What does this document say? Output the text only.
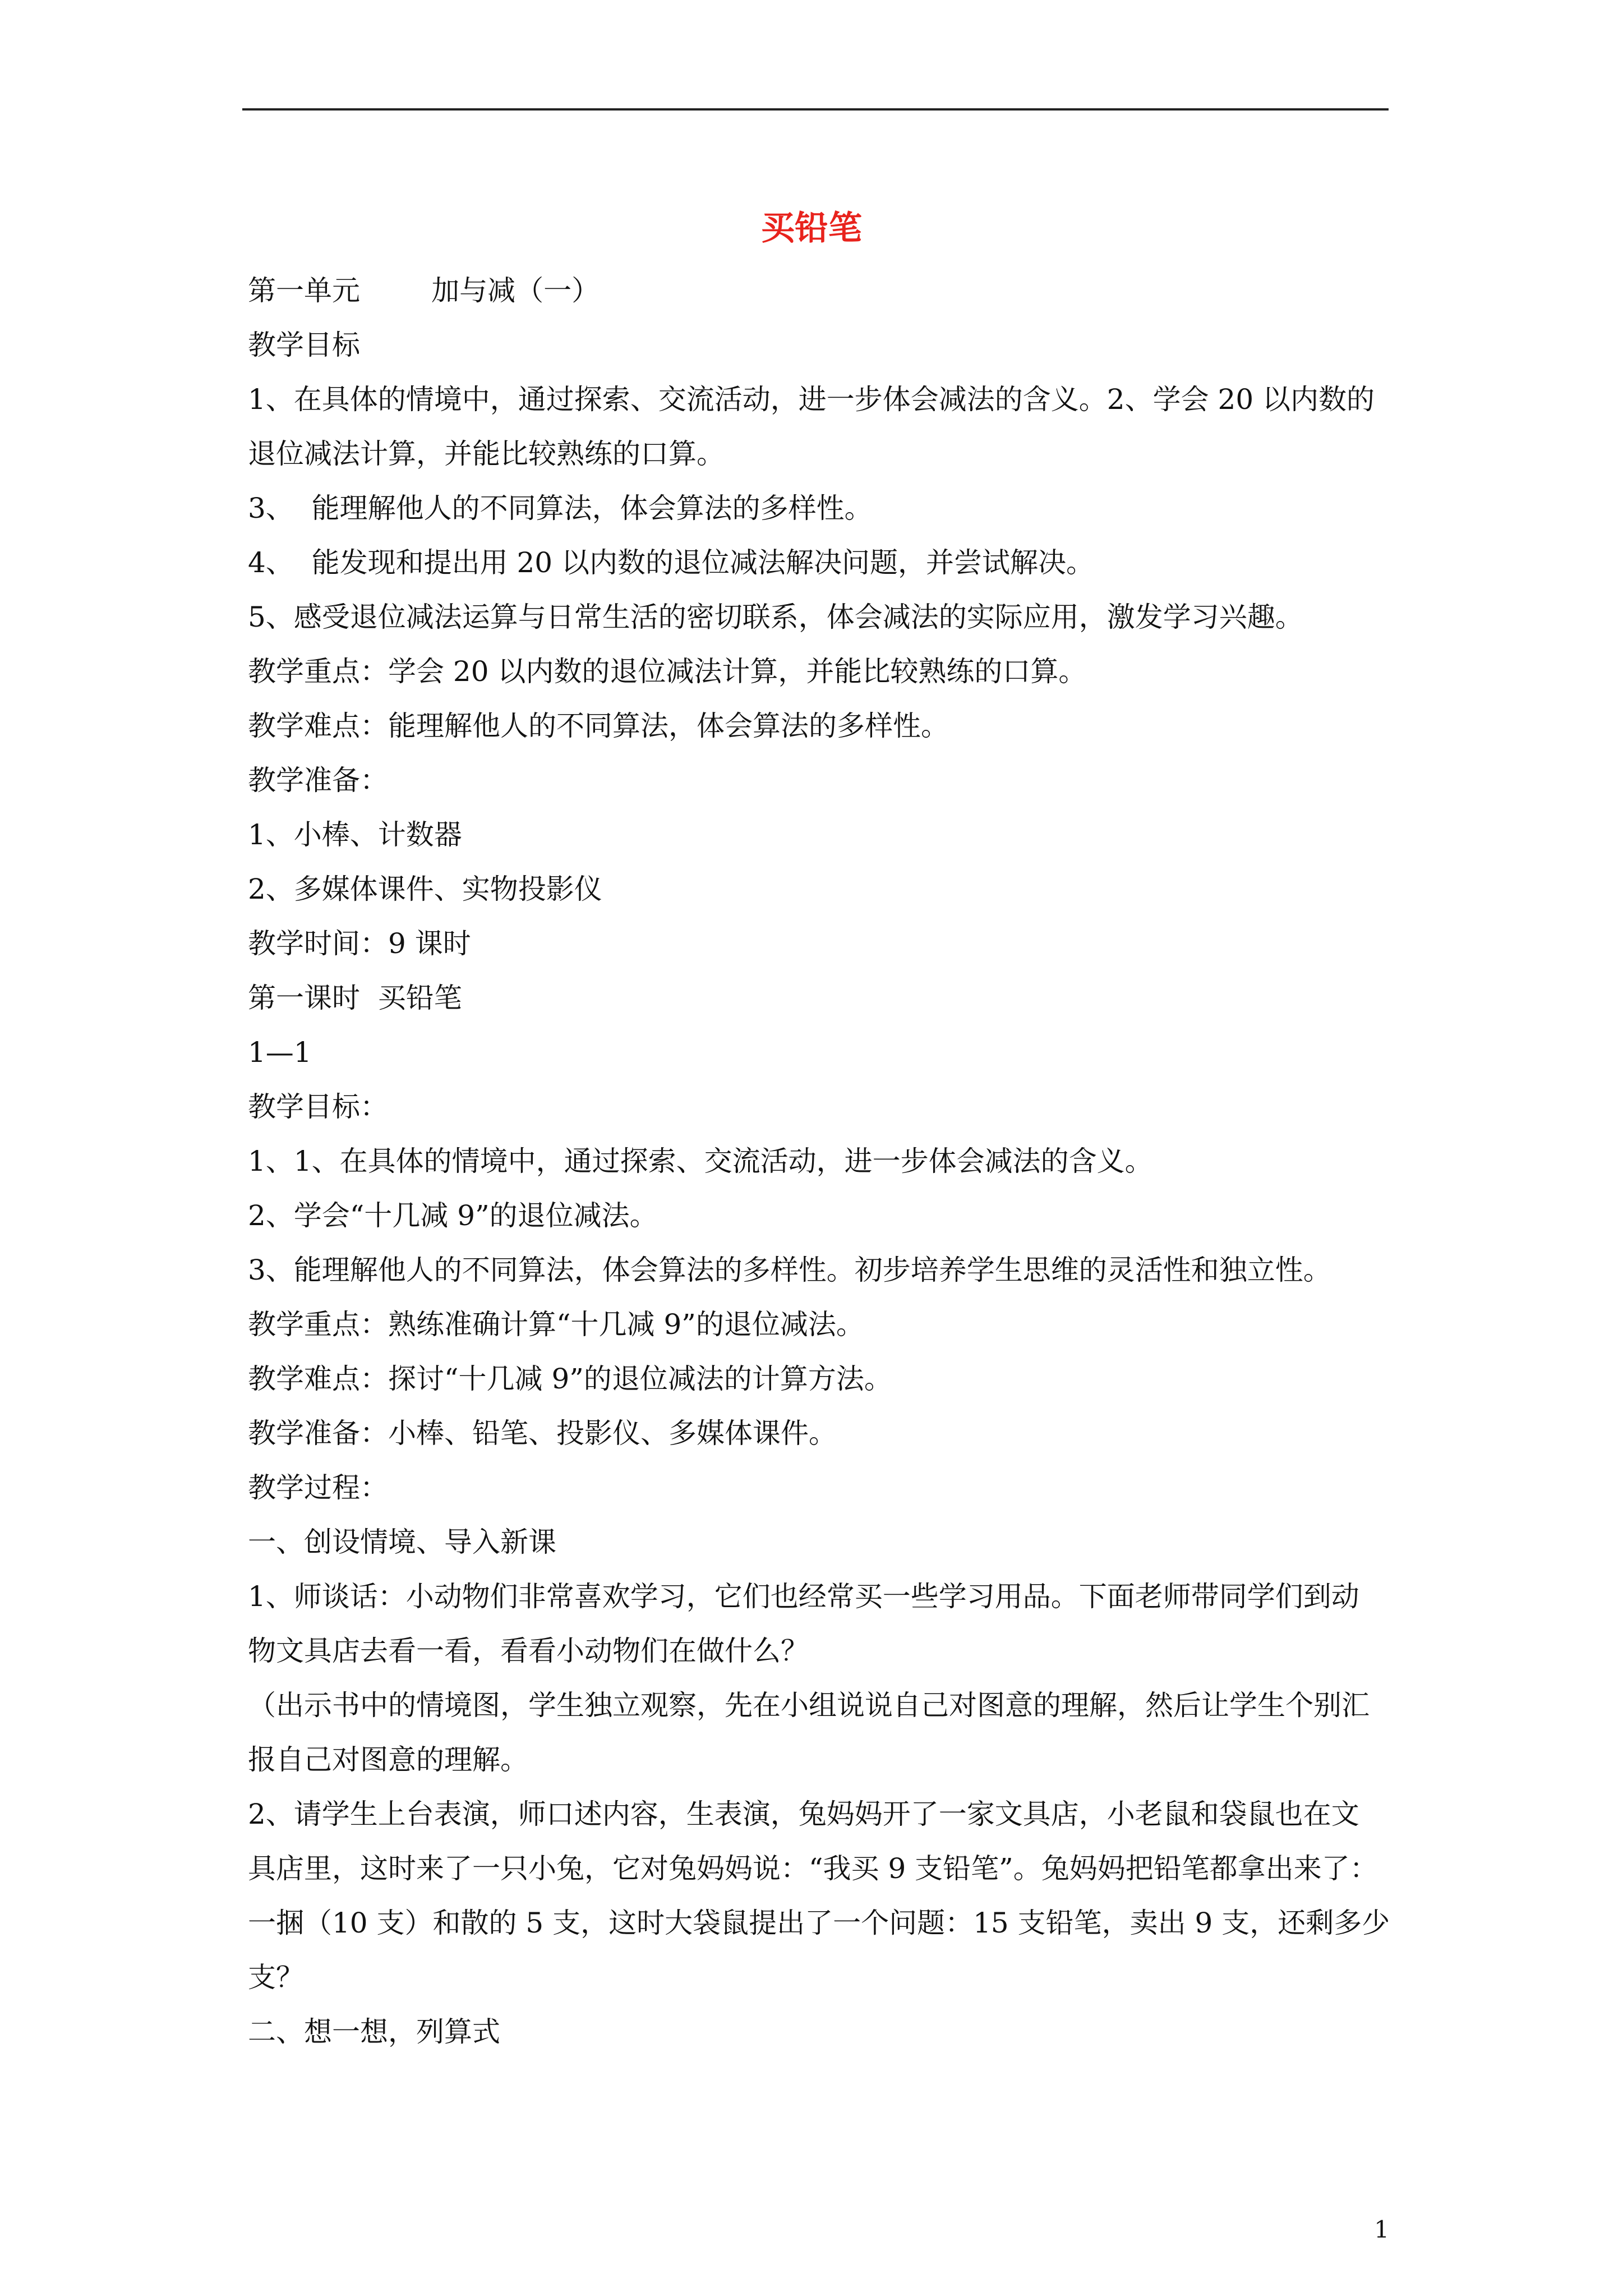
买铅笔
第一单元        加与减（一）
教学目标
1、在具体的情境中，通过探索、交流活动，进一步体会减法的含义。2、学会 20 以内数的
退位减法计算，并能比较熟练的口算。
3、  能理解他人的不同算法，体会算法的多样性。
4、  能发现和提出用 20 以内数的退位减法解决问题，并尝试解决。
5、感受退位减法运算与日常生活的密切联系，体会减法的实际应用，激发学习兴趣。
教学重点：学会 20 以内数的退位减法计算，并能比较熟练的口算。
教学难点：能理解他人的不同算法，体会算法的多样性。
教学准备：
1、小棒、计数器
2、多媒体课件、实物投影仪
教学时间：9 课时
第一课时  买铅笔
1—1
教学目标：
1、1、在具体的情境中，通过探索、交流活动，进一步体会减法的含义。
2、学会“十几减 9”的退位减法。
3、能理解他人的不同算法，体会算法的多样性。初步培养学生思维的灵活性和独立性。
教学重点：熟练准确计算“十几减 9”的退位减法。
教学难点：探讨“十几减 9”的退位减法的计算方法。
教学准备：小棒、铅笔、投影仪、多媒体课件。
教学过程：
一、创设情境、导入新课
1、师谈话：小动物们非常喜欢学习，它们也经常买一些学习用品。下面老师带同学们到动
物文具店去看一看，看看小动物们在做什么？
（出示书中的情境图，学生独立观察，先在小组说说自己对图意的理解，然后让学生个别汇
报自己对图意的理解。
2、请学生上台表演，师口述内容，生表演，兔妈妈开了一家文具店，小老鼠和袋鼠也在文
具店里，这时来了一只小兔，它对兔妈妈说：“我买 9 支铅笔”。兔妈妈把铅笔都拿出来了：
一捆（10 支）和散的 5 支，这时大袋鼠提出了一个问题：15 支铅笔，卖出 9 支，还剩多少
支？
二、想一想，列算式
1
